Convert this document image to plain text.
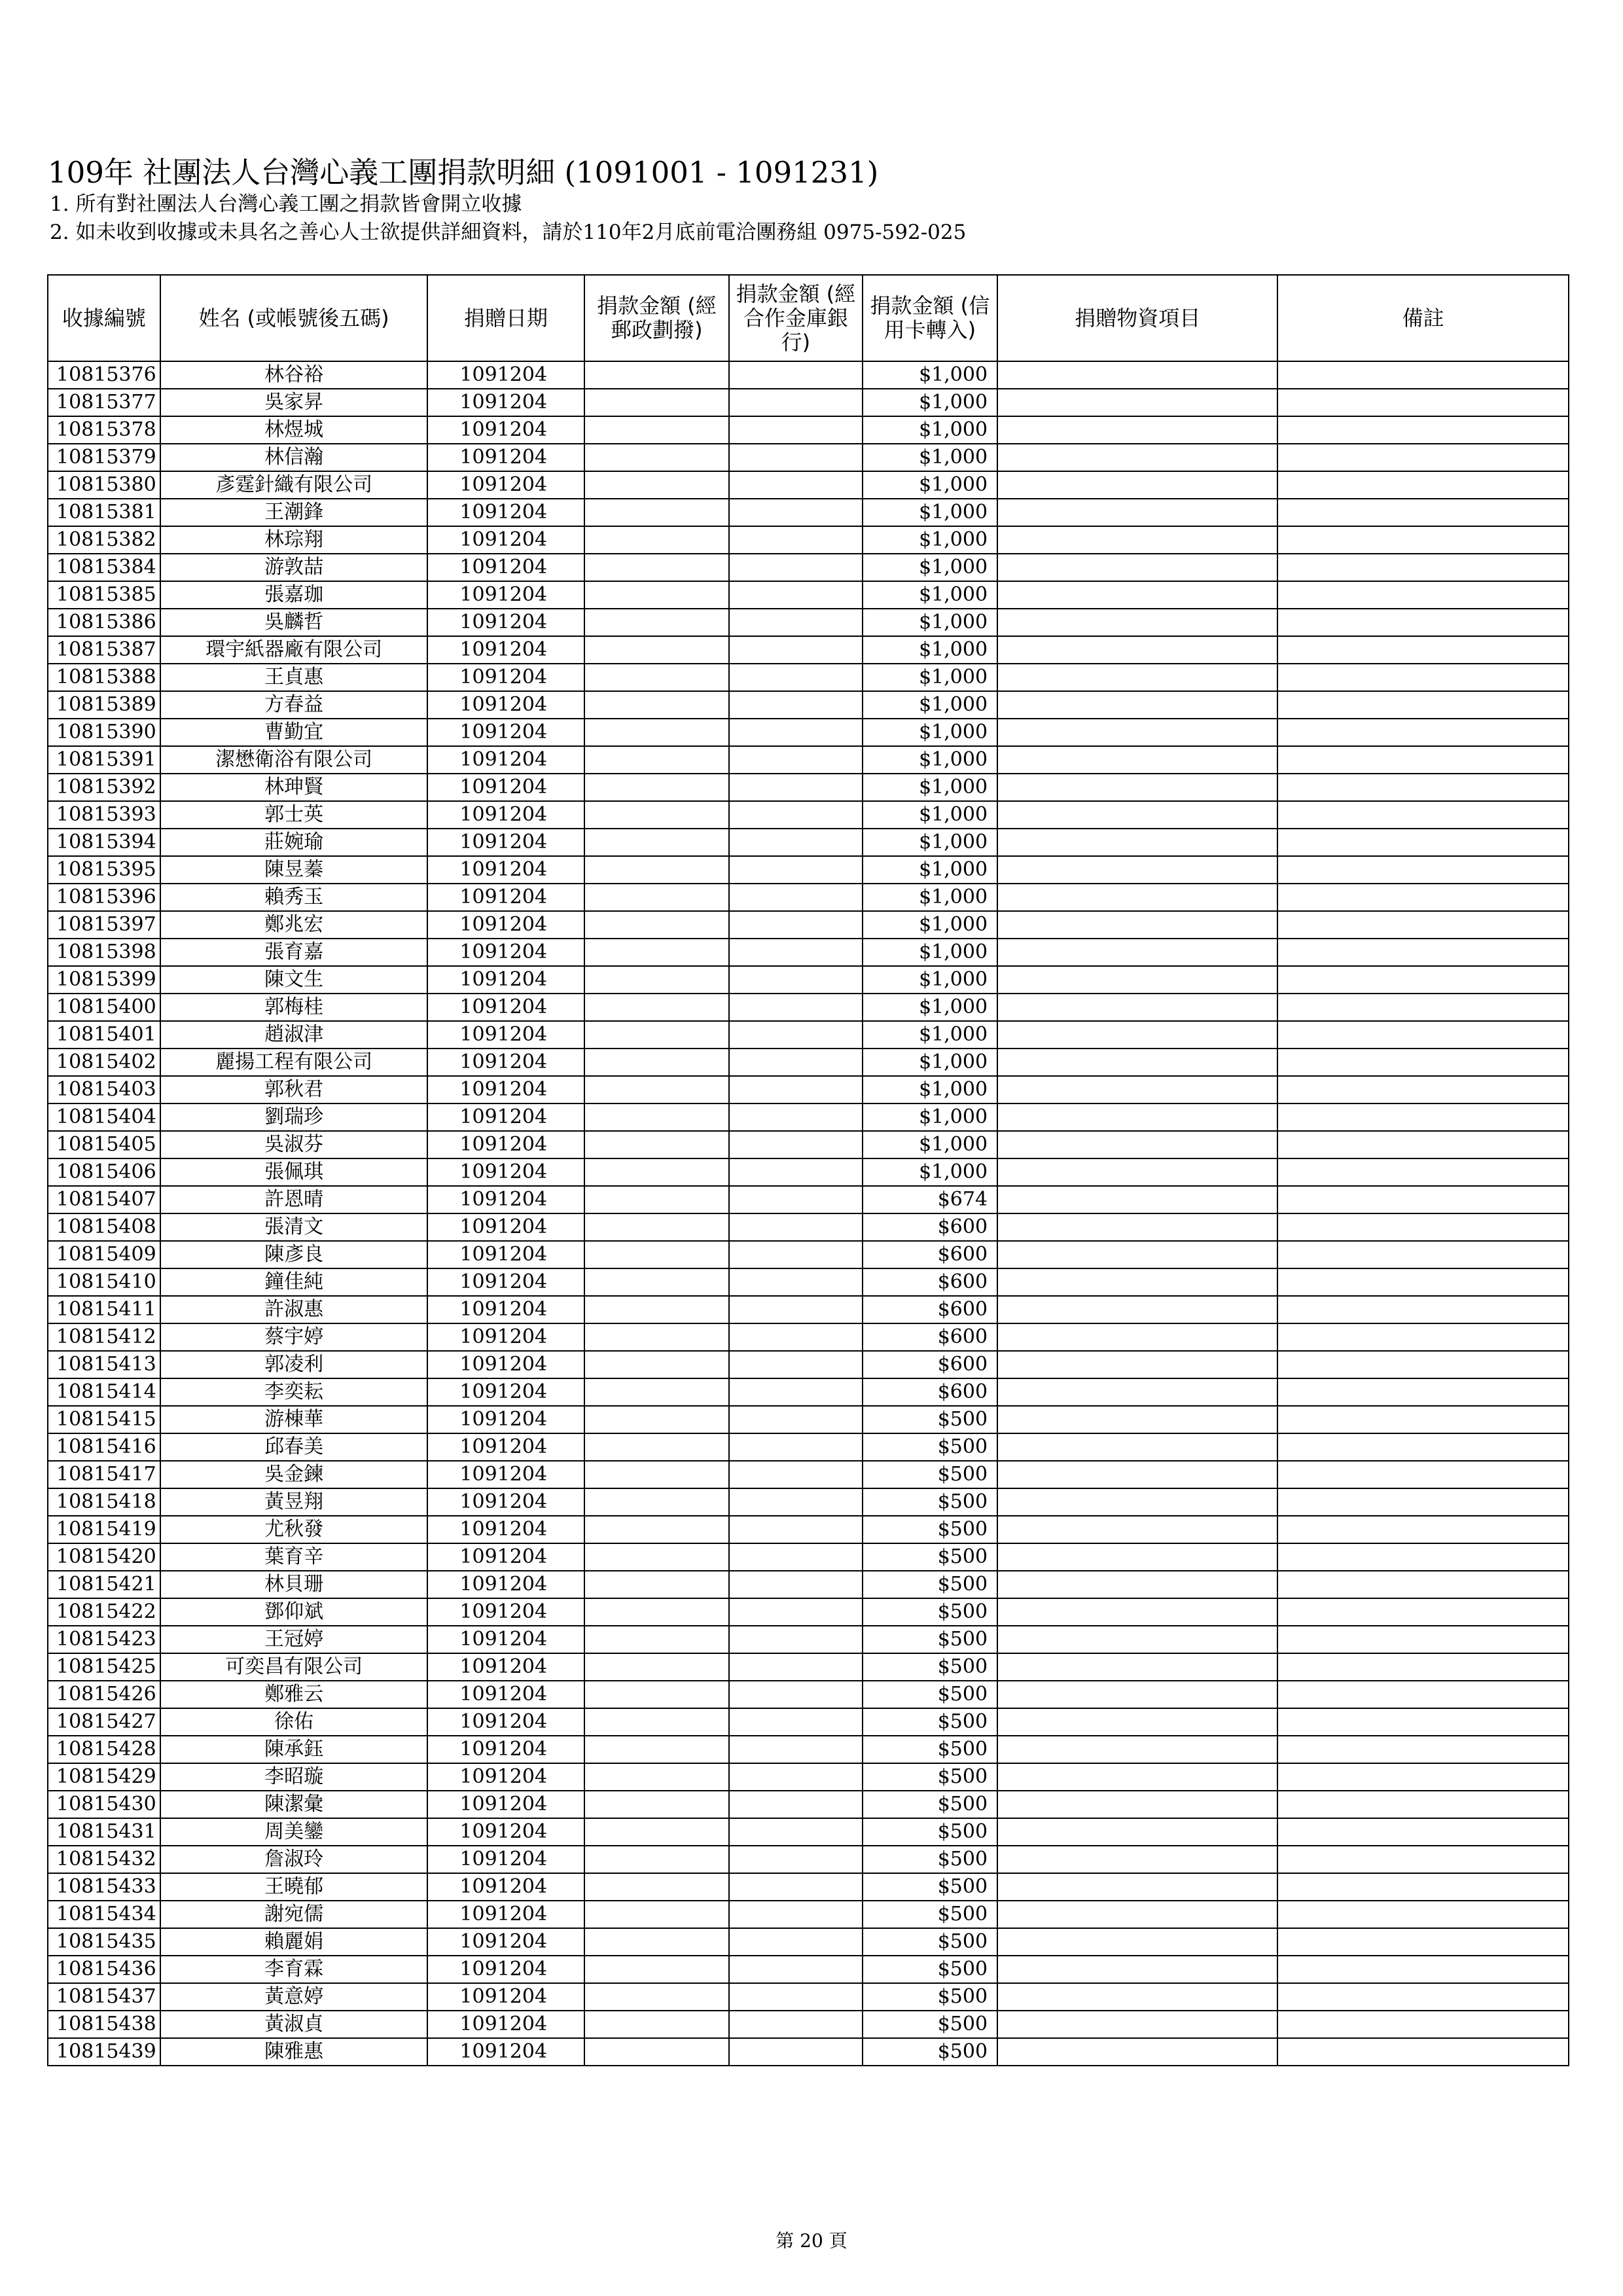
109年 社團法人台灣心義工團捐款明細 (1091001 - 1091231)
1. 所有對社團法人台灣心義工團之捐款皆會開立收據
2. 如未收到收據或未具名之善心人士欲提供詳細資料，請於110年2月底前電洽團務組 0975-592-025
收據編號	姓名 (或帳號後五碼)	捐贈日期	捐款金額 (經郵政劃撥)	捐款金額 (經合作金庫銀行)	捐款金額 (信用卡轉入)	捐贈物資項目	備註
10815376	林谷裕	1091204			$1,000		
10815377	吳家昇	1091204			$1,000		
10815378	林煜城	1091204			$1,000		
10815379	林信瀚	1091204			$1,000		
10815380	彥霆針織有限公司	1091204			$1,000		
10815381	王潮鋒	1091204			$1,000		
10815382	林琮翔	1091204			$1,000		
10815384	游敦喆	1091204			$1,000		
10815385	張嘉珈	1091204			$1,000		
10815386	吳麟哲	1091204			$1,000		
10815387	環宇紙器廠有限公司	1091204			$1,000		
10815388	王貞惠	1091204			$1,000		
10815389	方春益	1091204			$1,000		
10815390	曹勤宜	1091204			$1,000		
10815391	潔懋衛浴有限公司	1091204			$1,000		
10815392	林珅賢	1091204			$1,000		
10815393	郭士英	1091204			$1,000		
10815394	莊婉瑜	1091204			$1,000		
10815395	陳昱蓁	1091204			$1,000		
10815396	賴秀玉	1091204			$1,000		
10815397	鄭兆宏	1091204			$1,000		
10815398	張育嘉	1091204			$1,000		
10815399	陳文生	1091204			$1,000		
10815400	郭梅桂	1091204			$1,000		
10815401	趙淑津	1091204			$1,000		
10815402	麗揚工程有限公司	1091204			$1,000		
10815403	郭秋君	1091204			$1,000		
10815404	劉瑞珍	1091204			$1,000		
10815405	吳淑芬	1091204			$1,000		
10815406	張佩琪	1091204			$1,000		
10815407	許恩晴	1091204			$674		
10815408	張清文	1091204			$600		
10815409	陳彥良	1091204			$600		
10815410	鐘佳純	1091204			$600		
10815411	許淑惠	1091204			$600		
10815412	蔡宇婷	1091204			$600		
10815413	郭凌利	1091204			$600		
10815414	李奕耘	1091204			$600		
10815415	游棟華	1091204			$500		
10815416	邱春美	1091204			$500		
10815417	吳金鍊	1091204			$500		
10815418	黃昱翔	1091204			$500		
10815419	尤秋發	1091204			$500		
10815420	葉育辛	1091204			$500		
10815421	林貝珊	1091204			$500		
10815422	鄧仰斌	1091204			$500		
10815423	王冠婷	1091204			$500		
10815425	可奕昌有限公司	1091204			$500		
10815426	鄭雅云	1091204			$500		
10815427	徐佑	1091204			$500		
10815428	陳承鈺	1091204			$500		
10815429	李昭璇	1091204			$500		
10815430	陳潔彙	1091204			$500		
10815431	周美鑾	1091204			$500		
10815432	詹淑玲	1091204			$500		
10815433	王曉郁	1091204			$500		
10815434	謝宛儒	1091204			$500		
10815435	賴麗娟	1091204			$500		
10815436	李育霖	1091204			$500		
10815437	黃意婷	1091204			$500		
10815438	黃淑貞	1091204			$500		
10815439	陳雅惠	1091204			$500		
第 20 頁
